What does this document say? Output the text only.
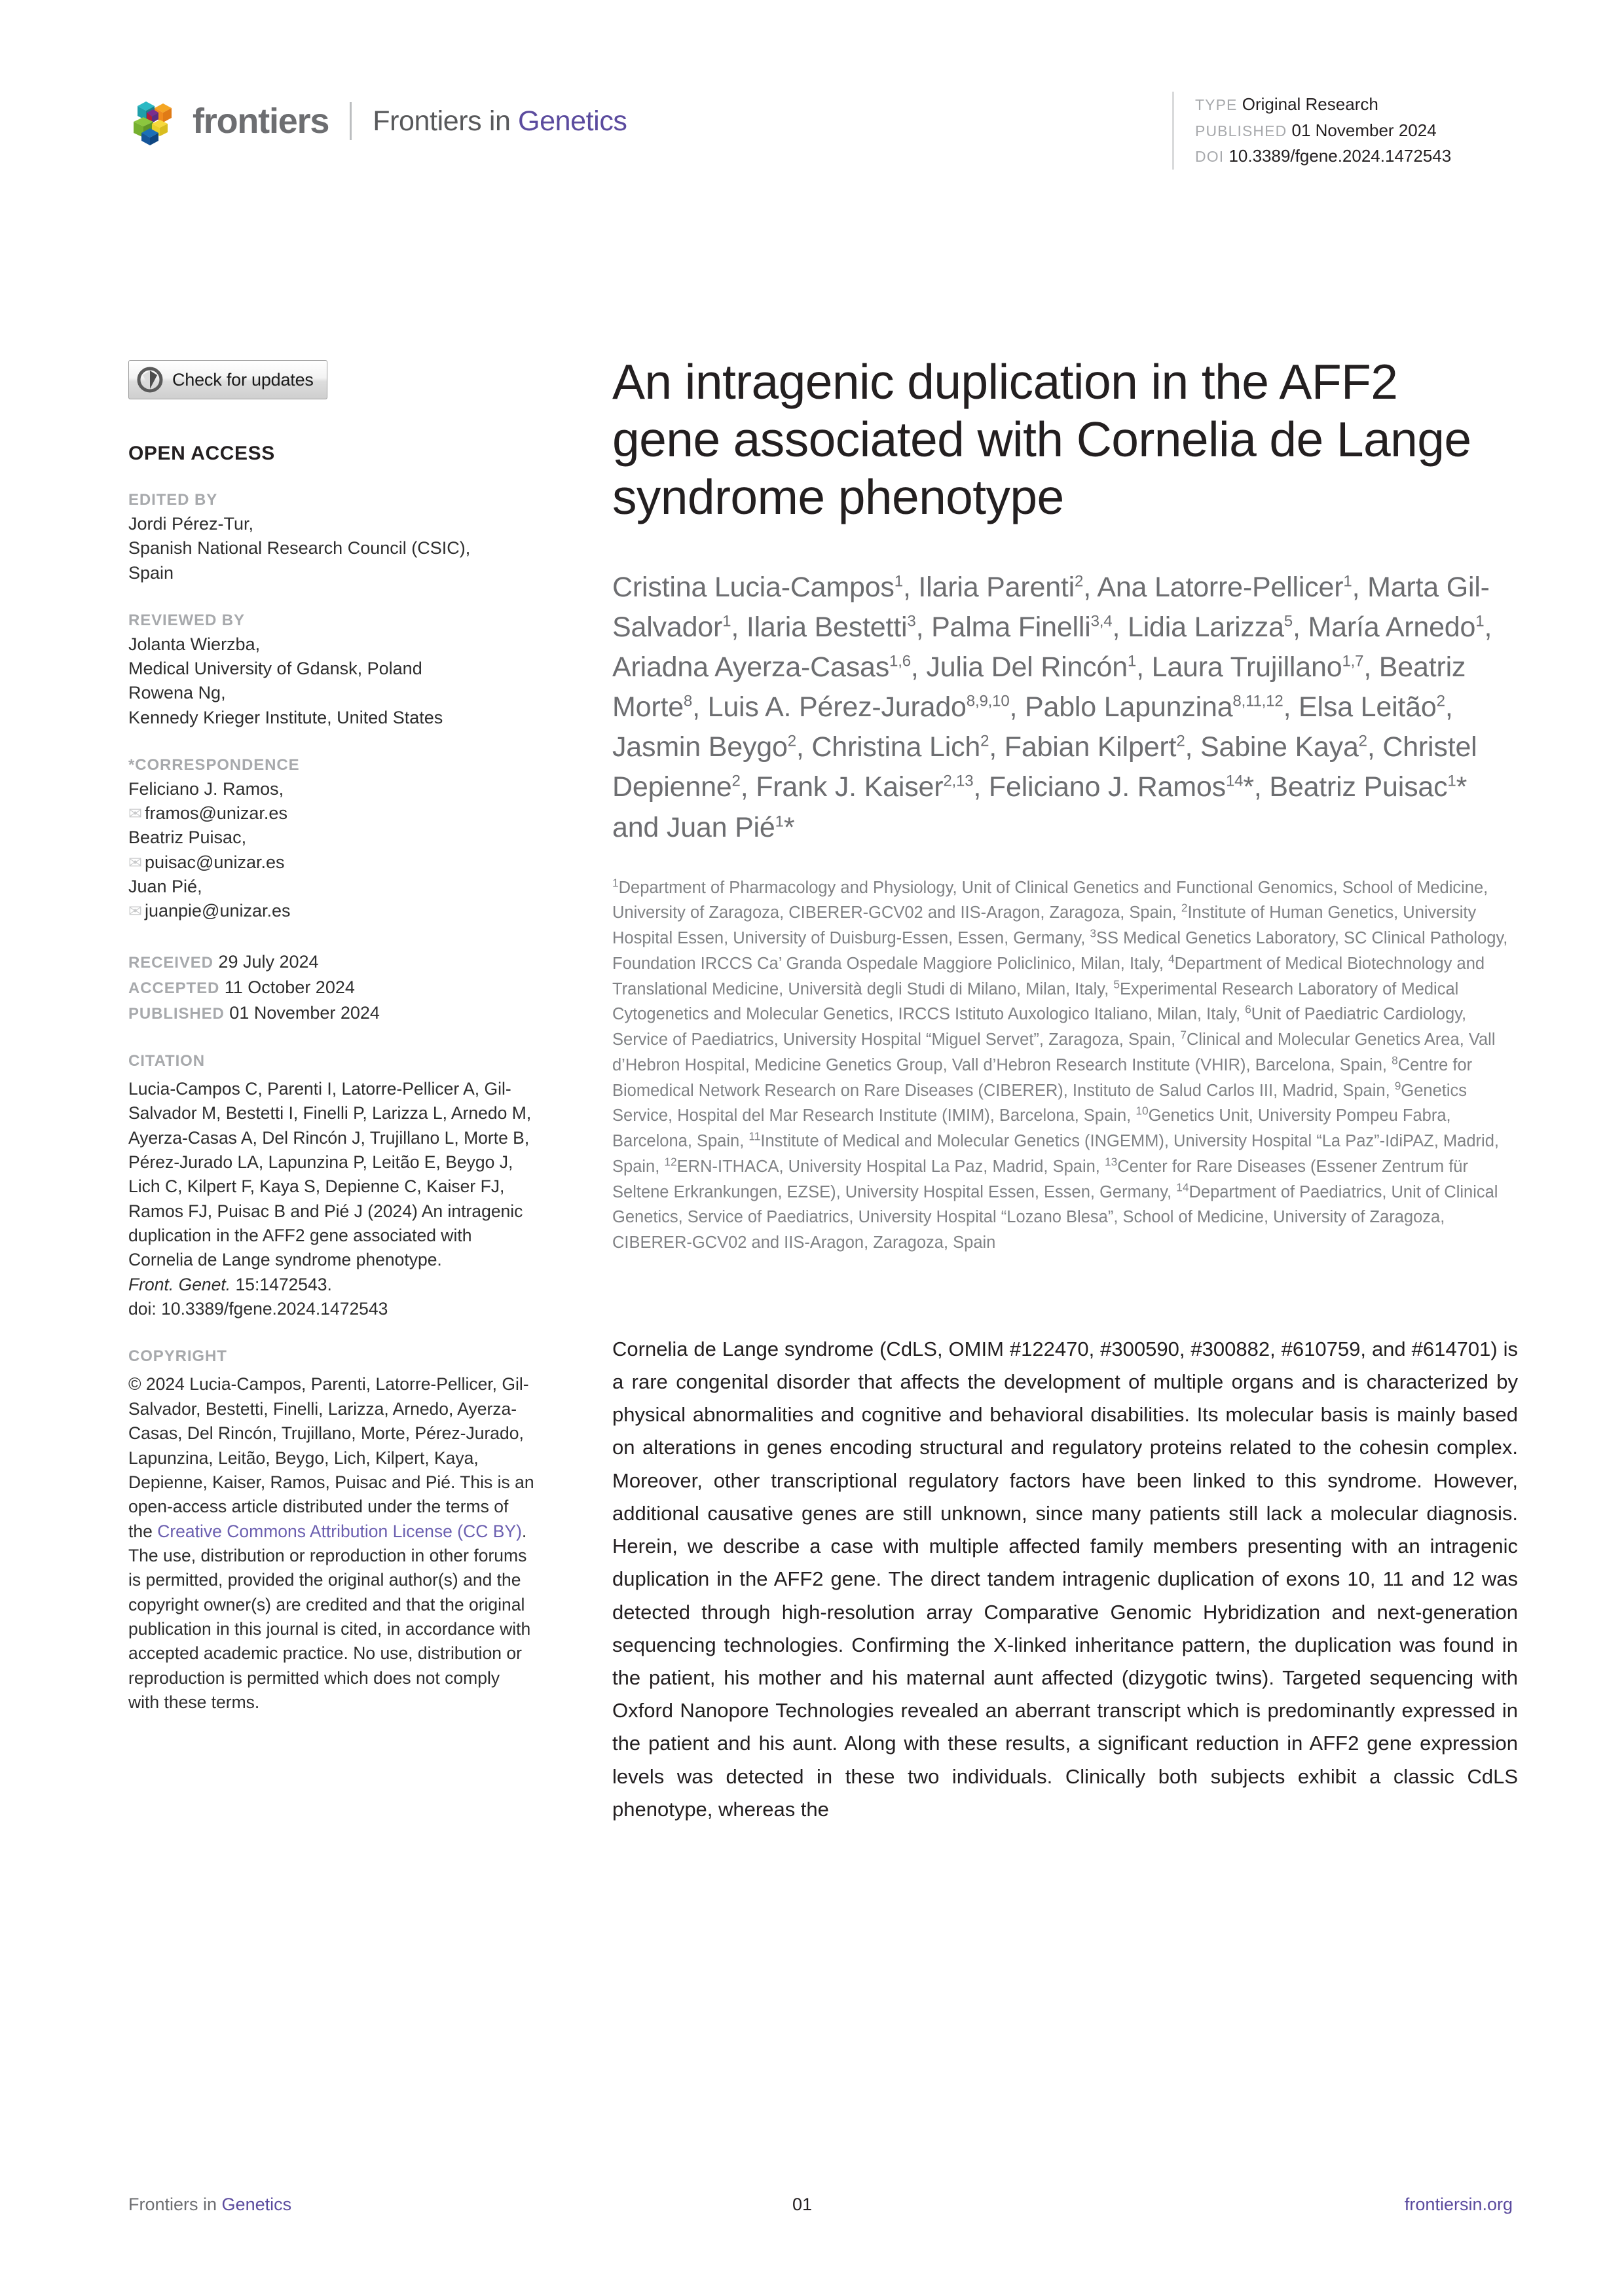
frontiers Frontiers in Genetics
TYPE Original Research
PUBLISHED 01 November 2024
DOI 10.3389/fgene.2024.1472543
Check for updates
OPEN ACCESS
EDITED BY
Jordi Pérez-Tur,
Spanish National Research Council (CSIC),
Spain
REVIEWED BY
Jolanta Wierzba,
Medical University of Gdansk, Poland
Rowena Ng,
Kennedy Krieger Institute, United States
*CORRESPONDENCE
Feliciano J. Ramos,
✉ framos@unizar.es
Beatriz Puisac,
✉ puisac@unizar.es
Juan Pié,
✉ juanpie@unizar.es
RECEIVED 29 July 2024
ACCEPTED 11 October 2024
PUBLISHED 01 November 2024
CITATION
Lucia-Campos C, Parenti I, Latorre-Pellicer A, Gil-Salvador M, Bestetti I, Finelli P, Larizza L, Arnedo M, Ayerza-Casas A, Del Rincón J, Trujillano L, Morte B, Pérez-Jurado LA, Lapunzina P, Leitão E, Beygo J, Lich C, Kilpert F, Kaya S, Depienne C, Kaiser FJ, Ramos FJ, Puisac B and Pié J (2024) An intragenic duplication in the AFF2 gene associated with Cornelia de Lange syndrome phenotype.
Front. Genet. 15:1472543.
doi: 10.3389/fgene.2024.1472543
COPYRIGHT
© 2024 Lucia-Campos, Parenti, Latorre-Pellicer, Gil-Salvador, Bestetti, Finelli, Larizza, Arnedo, Ayerza-Casas, Del Rincón, Trujillano, Morte, Pérez-Jurado, Lapunzina, Leitão, Beygo, Lich, Kilpert, Kaya, Depienne, Kaiser, Ramos, Puisac and Pié. This is an open-access article distributed under the terms of the Creative Commons Attribution License (CC BY). The use, distribution or reproduction in other forums is permitted, provided the original author(s) and the copyright owner(s) are credited and that the original publication in this journal is cited, in accordance with accepted academic practice. No use, distribution or reproduction is permitted which does not comply with these terms.
An intragenic duplication in the AFF2 gene associated with Cornelia de Lange syndrome phenotype
Cristina Lucia-Campos$^1$, Ilaria Parenti$^2$, Ana Latorre-Pellicer$^1$, Marta Gil-Salvador$^1$, Ilaria Bestetti$^3$, Palma Finelli$^{3,4}$, Lidia Larizza$^5$, María Arnedo$^1$, Ariadna Ayerza-Casas$^{1,6}$, Julia Del Rincón$^1$, Laura Trujillano$^{1,7}$, Beatriz Morte$^8$, Luis A. Pérez-Jurado$^{8,9,10}$, Pablo Lapunzina$^{8,11,12}$, Elsa Leitão$^2$, Jasmin Beygo$^2$, Christina Lich$^2$, Fabian Kilpert$^2$, Sabine Kaya$^2$, Christel Depienne$^2$, Frank J. Kaiser$^{2,13}$, Feliciano J. Ramos$^{14}$*, Beatriz Puisac$^1$* and Juan Pié$^1$*
$^1$Department of Pharmacology and Physiology, Unit of Clinical Genetics and Functional Genomics, School of Medicine, University of Zaragoza, CIBERER-GCV02 and IIS-Aragon, Zaragoza, Spain, $^2$Institute of Human Genetics, University Hospital Essen, University of Duisburg-Essen, Essen, Germany, $^3$SS Medical Genetics Laboratory, SC Clinical Pathology, Foundation IRCCS Ca’ Granda Ospedale Maggiore Policlinico, Milan, Italy, $^4$Department of Medical Biotechnology and Translational Medicine, Università degli Studi di Milano, Milan, Italy, $^5$Experimental Research Laboratory of Medical Cytogenetics and Molecular Genetics, IRCCS Istituto Auxologico Italiano, Milan, Italy, $^6$Unit of Paediatric Cardiology, Service of Paediatrics, University Hospital “Miguel Servet”, Zaragoza, Spain, $^7$Clinical and Molecular Genetics Area, Vall d’Hebron Hospital, Medicine Genetics Group, Vall d’Hebron Research Institute (VHIR), Barcelona, Spain, $^8$Centre for Biomedical Network Research on Rare Diseases (CIBERER), Instituto de Salud Carlos III, Madrid, Spain, $^9$Genetics Service, Hospital del Mar Research Institute (IMIM), Barcelona, Spain, $^{10}$Genetics Unit, University Pompeu Fabra, Barcelona, Spain, $^{11}$Institute of Medical and Molecular Genetics (INGEMM), University Hospital “La Paz”-IdiPAZ, Madrid, Spain, $^{12}$ERN-ITHACA, University Hospital La Paz, Madrid, Spain, $^{13}$Center for Rare Diseases (Essener Zentrum für Seltene Erkrankungen, EZSE), University Hospital Essen, Essen, Germany, $^{14}$Department of Paediatrics, Unit of Clinical Genetics, Service of Paediatrics, University Hospital “Lozano Blesa”, School of Medicine, University of Zaragoza, CIBERER-GCV02 and IIS-Aragon, Zaragoza, Spain
Cornelia de Lange syndrome (CdLS, OMIM #122470, #300590, #300882, #610759, and #614701) is a rare congenital disorder that affects the development of multiple organs and is characterized by physical abnormalities and cognitive and behavioral disabilities. Its molecular basis is mainly based on alterations in genes encoding structural and regulatory proteins related to the cohesin complex. Moreover, other transcriptional regulatory factors have been linked to this syndrome. However, additional causative genes are still unknown, since many patients still lack a molecular diagnosis. Herein, we describe a case with multiple affected family members presenting with an intragenic duplication in the AFF2 gene. The direct tandem intragenic duplication of exons 10, 11 and 12 was detected through high-resolution array Comparative Genomic Hybridization and next-generation sequencing technologies. Confirming the X-linked inheritance pattern, the duplication was found in the patient, his mother and his maternal aunt affected (dizygotic twins). Targeted sequencing with Oxford Nanopore Technologies revealed an aberrant transcript which is predominantly expressed in the patient and his aunt. Along with these results, a significant reduction in AFF2 gene expression levels was detected in these two individuals. Clinically both subjects exhibit a classic CdLS phenotype, whereas the
Frontiers in Genetics	01	frontiersin.org
